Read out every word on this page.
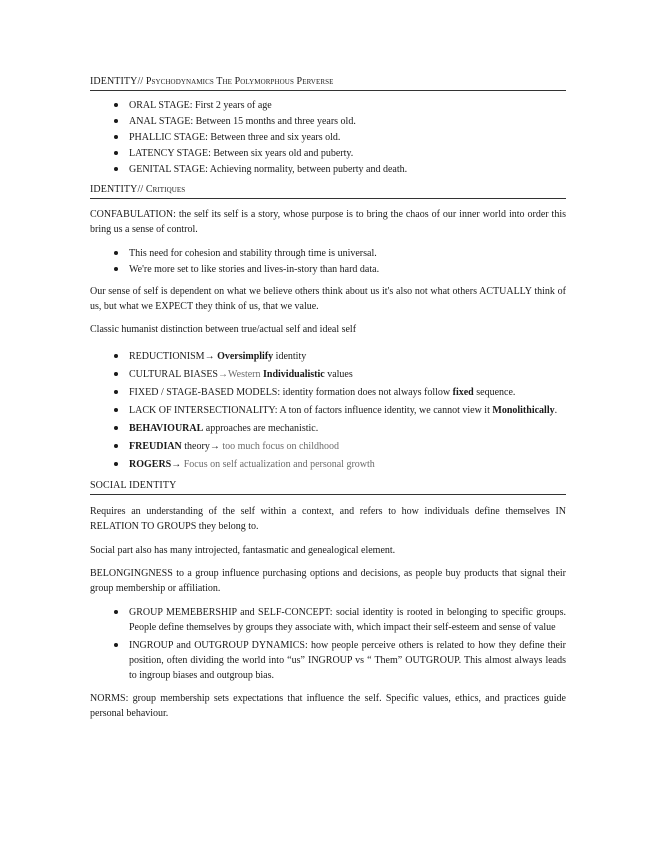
IDENTITY// Psychodynamics The Polymorphous Perverse
ORAL STAGE: First 2 years of age
ANAL STAGE: Between 15 months and three years old.
PHALLIC STAGE: Between three and six years old.
LATENCY STAGE: Between six years old and puberty.
GENITAL STAGE: Achieving normality, between puberty and death.
IDENTITY// Critiques

CONFABULATION: the self its self is a story, whose purpose is to bring the chaos of our inner world into order this bring us a sense of control.

This need for cohesion and stability through time is universal.
We're more set to like stories and lives-in-story than hard data.

Our sense of self is dependent on what we believe others think about us it's also not what others ACTUALLY think of us, but what we EXPECT they think of us, that we value.

Classic humanist distinction between true/actual self and ideal self

REDUCTIONISM→ Oversimplify identity
CULTURAL BIASES→Western Individualistic values
FIXED / STAGE-BASED MODELS: identity formation does not always follow fixed sequence.
LACK OF INTERSECTIONALITY: A ton of factors influence identity, we cannot view it Monolithically.
BEHAVIOURAL approaches are mechanistic.
FREUDIAN theory→ too much focus on childhood
ROGERS→ Focus on self actualization and personal growth
SOCIAL IDENTITY

Requires an understanding of the self within a context, and refers to how individuals define themselves IN RELATION TO GROUPS they belong to.

Social part also has many introjected, fantasmatic and genealogical element.

BELONGINGNESS to a group influence purchasing options and decisions, as people buy products that signal their group membership or affiliation.

GROUP MEMEBERSHIP and SELF-CONCEPT: social identity is rooted in belonging to specific groups. People define themselves by groups they associate with, which impact their self-esteem and sense of value
INGROUP and OUTGROUP DYNAMICS: how people perceive others is related to how they define their position, often dividing the world into “us” INGROUP vs “ Them” OUTGROUP. This almost always leads to ingroup biases and outgroup bias.

NORMS: group membership sets expectations that influence the self. Specific values, ethics, and practices guide personal behaviour.
